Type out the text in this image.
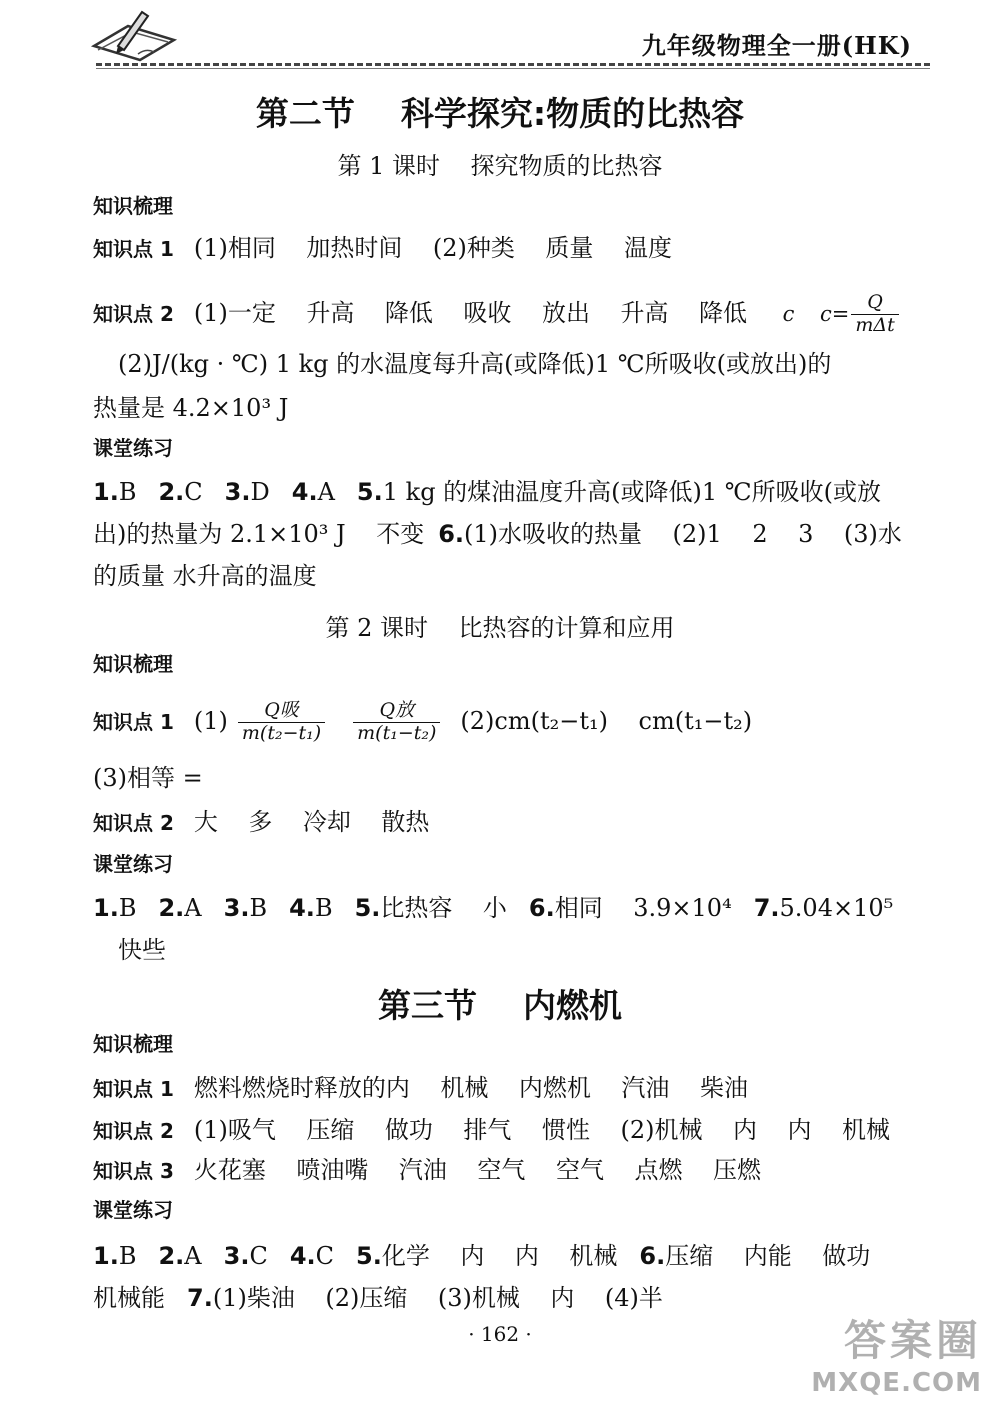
九年级物理全一册(HK)
第二节    科学探究:物质的比热容
第 1 课时    探究物质的比热容
知识梳理
知识点 1 (1)相同    加热时间    (2)种类    质量    温度
知识点 2 (1)一定    升高    降低    吸收    放出    升高    降低 c $c= \frac{Q}{\text{mΔt}}$
(2)J/(kg · ℃) 1 kg 的水温度每升高(或降低)1 ℃所吸收(或放出)的
热量是 4.2×10³ J
课堂练习
1.B 2.C 3.D 4.A 5.1 kg 的煤油温度升高(或降低)1 ℃所吸收(或放
出)的热量为 2.1×10³ J    不变 6.(1)水吸收的热量    (2)1    2    3    (3)水
的质量 水升高的温度
第 2 课时    比热容的计算和应用
知识梳理
知识点 1 $(1) \frac{\text{Q吸}}{\text{m(t₂−t₁)}} \frac{\text{Q放}}{\text{m(t₁−t₂)}} (2)cm(t_2-t_1)$    cm(t₁−t₂)
(3)相等 =
知识点 2 大    多    冷却    散热
课堂练习
1.B 2.A 3.B 4.B 5.比热容    小 6.相同    3.9×10⁴ 7.5.04×10⁵
快些
第三节    内燃机
知识梳理
知识点 1 燃料燃烧时释放的内    机械    内燃机    汽油    柴油
知识点 2 (1)吸气    压缩    做功    排气    惯性    (2)机械    内    内    机械
知识点 3 火花塞    喷油嘴    汽油    空气    空气    点燃    压燃
课堂练习
1.B 2.A 3.C 4.C 5.化学    内    内    机械 6.压缩    内能    做功
机械能 7.(1)柴油    (2)压缩    (3)机械    内    (4)半
· 162 ·	答案圈
MXQE.COM
